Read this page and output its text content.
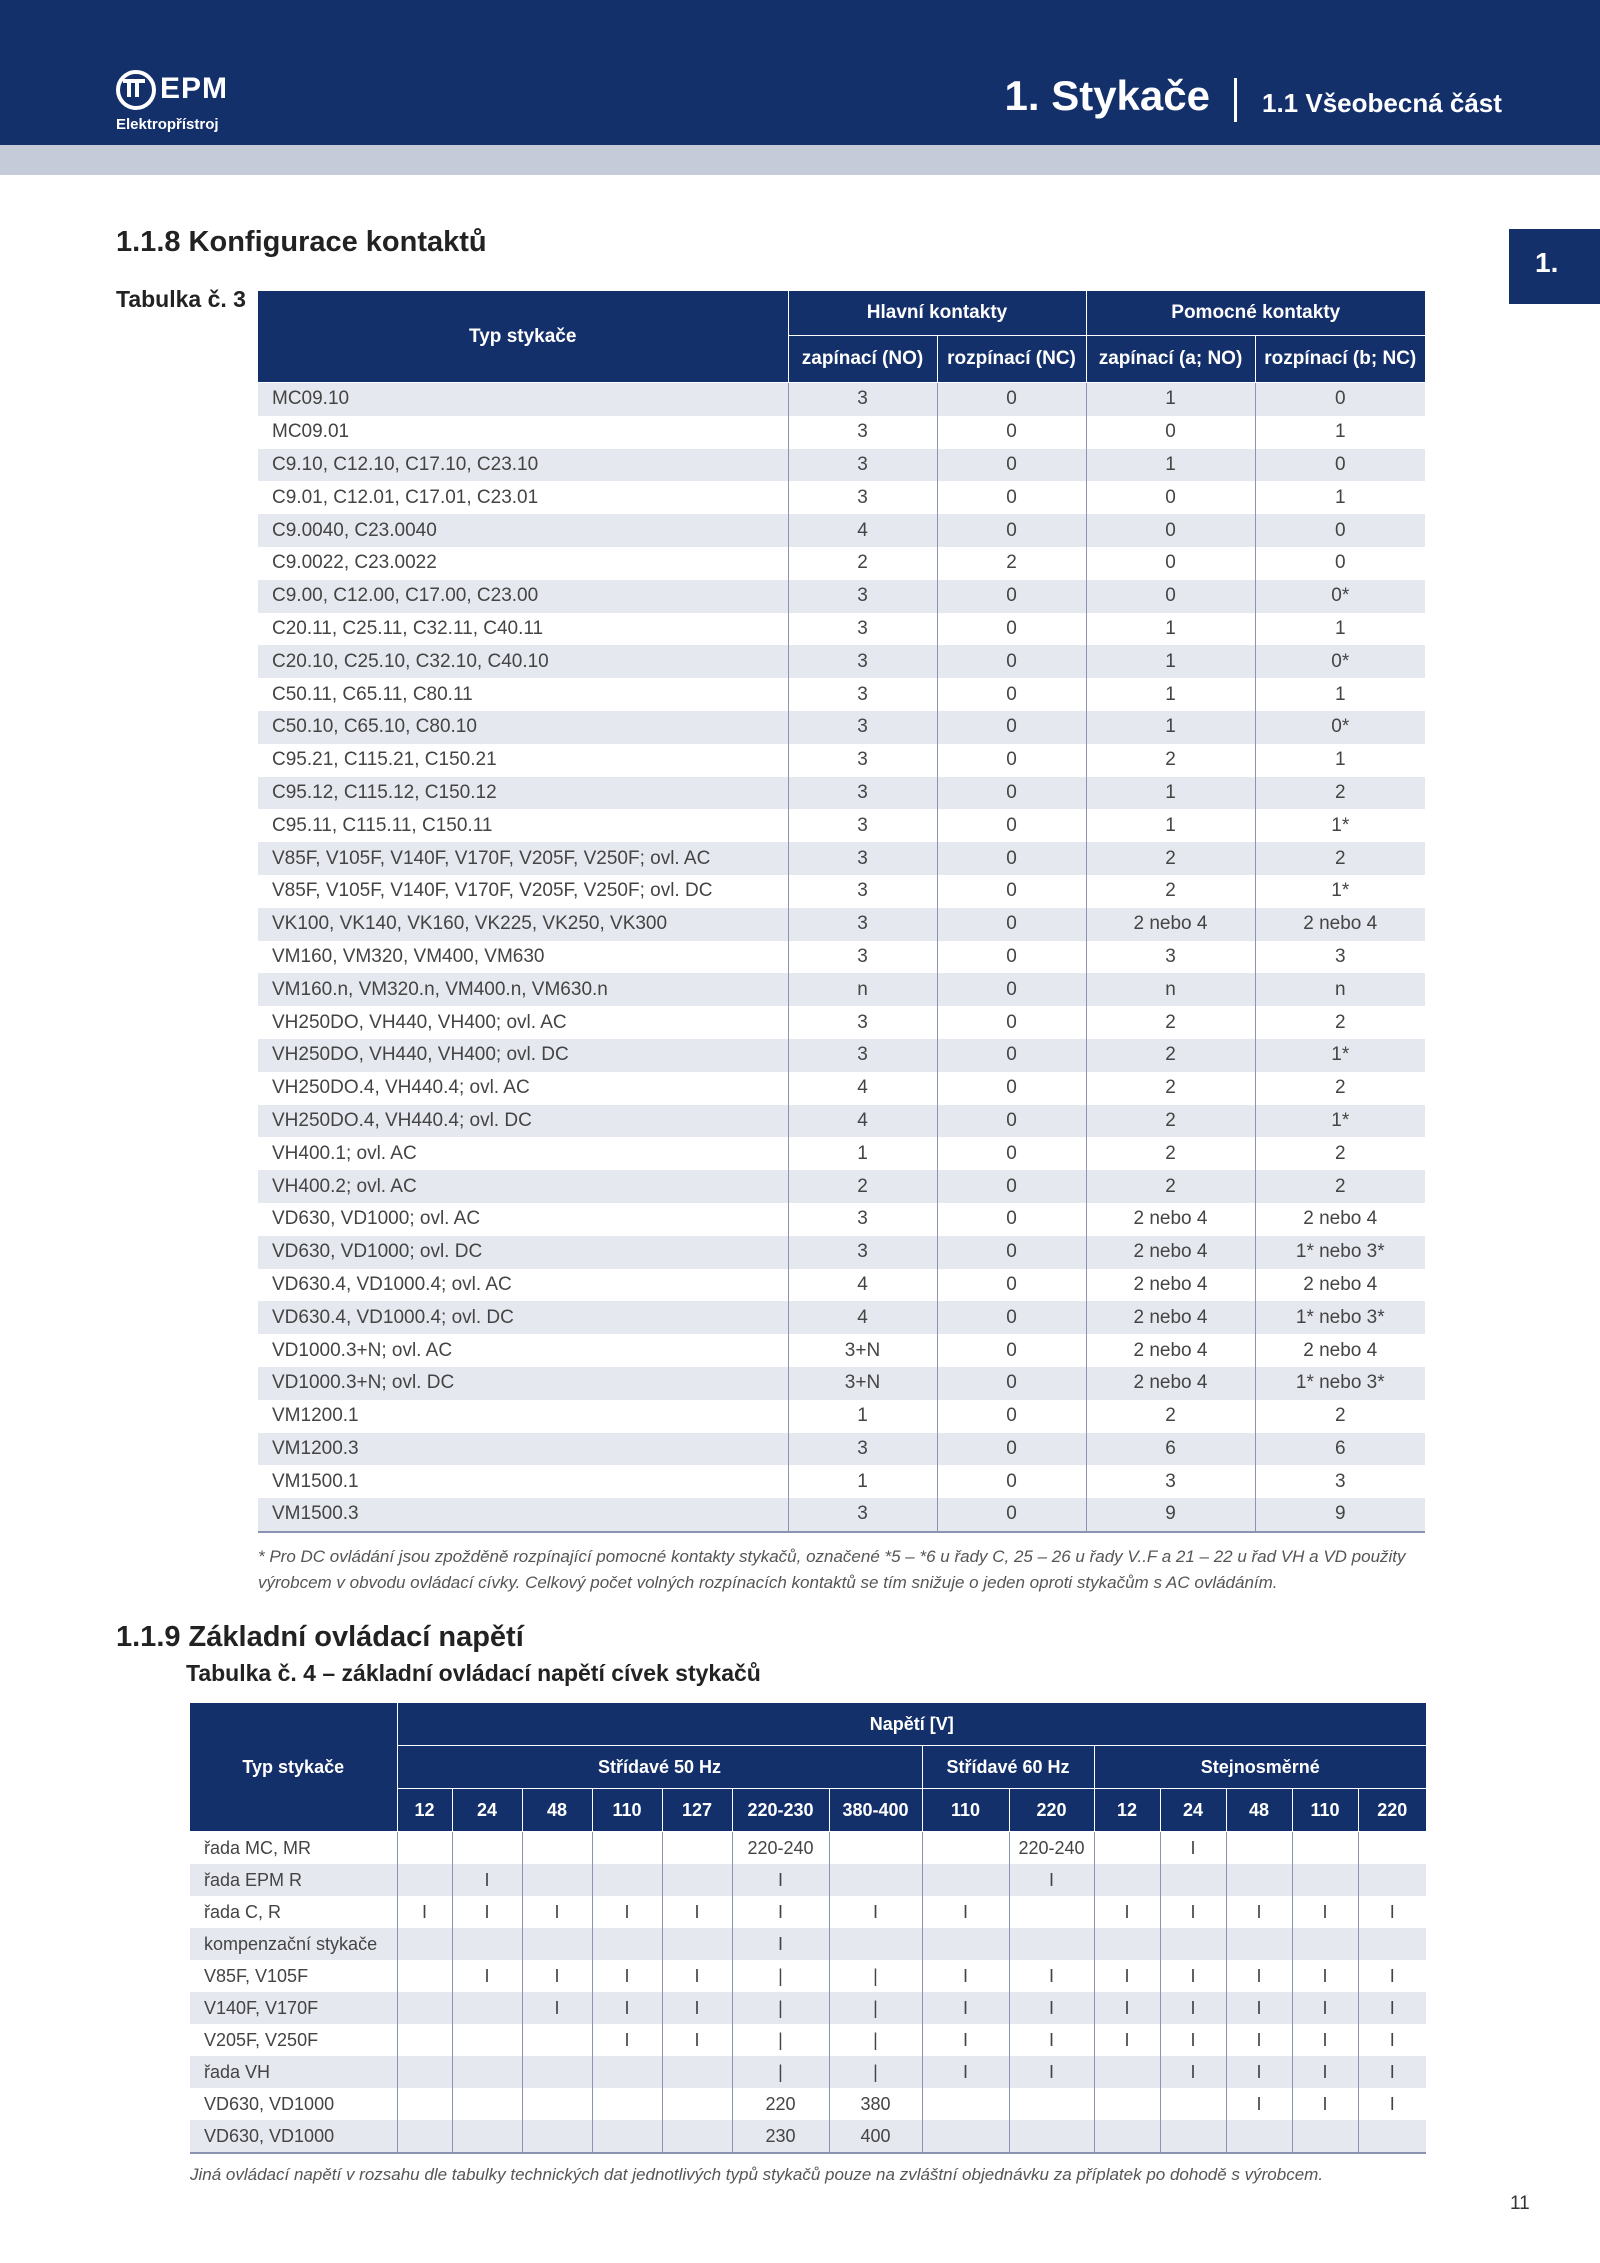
EPM
Elektropřístroj
1. Stykače 1.1 Všeobecná část
1.
1.1.8 Konfigurace kontaktů
Tabulka č. 3
Typ stykače	Hlavní kontakty		Pomocné kontakty	
	zapínací (NO)	rozpínací (NC)	zapínací (a; NO)	rozpínací (b; NC)
MC09.10	3	0	1	0
MC09.01	3	0	0	1
C9.10, C12.10, C17.10, C23.10	3	0	1	0
C9.01, C12.01, C17.01, C23.01	3	0	0	1
C9.0040, C23.0040	4	0	0	0
C9.0022, C23.0022	2	2	0	0
C9.00, C12.00, C17.00, C23.00	3	0	0	0*
C20.11, C25.11, C32.11, C40.11	3	0	1	1
C20.10, C25.10, C32.10, C40.10	3	0	1	0*
C50.11, C65.11, C80.11	3	0	1	1
C50.10, C65.10, C80.10	3	0	1	0*
C95.21, C115.21, C150.21	3	0	2	1
C95.12, C115.12, C150.12	3	0	1	2
C95.11, C115.11, C150.11	3	0	1	1*
V85F, V105F, V140F, V170F, V205F, V250F; ovl. AC	3	0	2	2
V85F, V105F, V140F, V170F, V205F, V250F; ovl. DC	3	0	2	1*
VK100, VK140, VK160, VK225, VK250, VK300	3	0	2 nebo 4	2 nebo 4
VM160, VM320, VM400, VM630	3	0	3	3
VM160.n, VM320.n, VM400.n, VM630.n	n	0	n	n
VH250DO, VH440, VH400; ovl. AC	3	0	2	2
VH250DO, VH440, VH400; ovl. DC	3	0	2	1*
VH250DO.4, VH440.4; ovl. AC	4	0	2	2
VH250DO.4, VH440.4; ovl. DC	4	0	2	1*
VH400.1; ovl. AC	1	0	2	2
VH400.2; ovl. AC	2	0	2	2
VD630, VD1000; ovl. AC	3	0	2 nebo 4	2 nebo 4
VD630, VD1000; ovl. DC	3	0	2 nebo 4	1* nebo 3*
VD630.4, VD1000.4; ovl. AC	4	0	2 nebo 4	2 nebo 4
VD630.4, VD1000.4; ovl. DC	4	0	2 nebo 4	1* nebo 3*
VD1000.3+N; ovl. AC	3+N	0	2 nebo 4	2 nebo 4
VD1000.3+N; ovl. DC	3+N	0	2 nebo 4	1* nebo 3*
VM1200.1	1	0	2	2
VM1200.3	3	0	6	6
VM1500.1	1	0	3	3
VM1500.3	3	0	9	9
* Pro DC ovládání jsou zpožděně rozpínající pomocné kontakty stykačů, označené *5 – *6 u řady C, 25 – 26 u řady V..F a 21 – 22 u řad VH a VD použity výrobcem v obvodu ovládací cívky. Celkový počet volných rozpínacích kontaktů se tím snižuje o jeden oproti stykačům s AC ovládáním.
1.1.9 Základní ovládací napětí
Tabulka č. 4 – základní ovládací napětí cívek stykačů
Typ stykače	Napětí [V]													
	Střídavé 50 Hz							Střídavé 60 Hz		Stejnosměrné				
	12	24	48	110	127	220-230	380-400	110	220	12	24	48	110	220
řada MC, MR						220-240			220-240		I			
řada EPM R		I				I			I					
řada C, R	I	I	I	I	I	I	I	I		I	I	I	I	I
kompenzační stykače						I								
V85F, V105F		I	I	I	I	|	|	I	I	I	I	I	I	I
V140F, V170F			I	I	I	|	|	I	I	I	I	I	I	I
V205F, V250F				I	I	|	|	I	I	I	I	I	I	I
řada VH						|	|	I	I		I	I	I	I
VD630, VD1000						220	380					I	I	I
VD630, VD1000						230	400							
Jiná ovládací napětí v rozsahu dle tabulky technických dat jednotlivých typů stykačů pouze na zvláštní objednávku za příplatek po dohodě s výrobcem.
11
